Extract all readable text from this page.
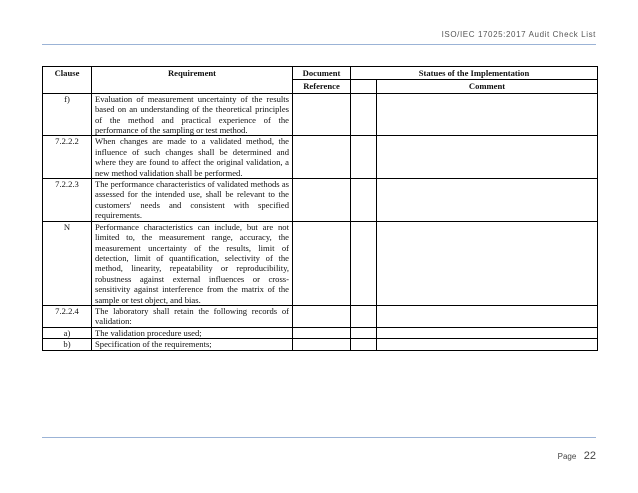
ISO/IEC 17025:2017 Audit Check List
Clause	Requirement	Document	Statues of the Implementation	
		Reference		Comment
f)	Evaluation of measurement uncertainty of the results based on an understanding of the theoretical principles of the method and practical experience of the performance of the sampling or test method.			
7.2.2.2	When changes are made to a validated method, the influence of such changes shall be determined and where they are found to affect the original validation, a new method validation shall be performed.			
7.2.2.3	The performance characteristics of validated methods as assessed for the intended use, shall be relevant to the customers' needs and consistent with specified requirements.			
N	Performance characteristics can include, but are not limited to, the measurement range, accuracy, the measurement uncertainty of the results, limit of detection, limit of quantification, selectivity of the method, linearity, repeatability or reproducibility, robustness against external influences or cross-sensitivity against interference from the matrix of the sample or test object, and bias.			
7.2.2.4	The laboratory shall retain the following records of validation:			
a)	The validation procedure used;			
b)	Specification of the requirements;			
Page 22
